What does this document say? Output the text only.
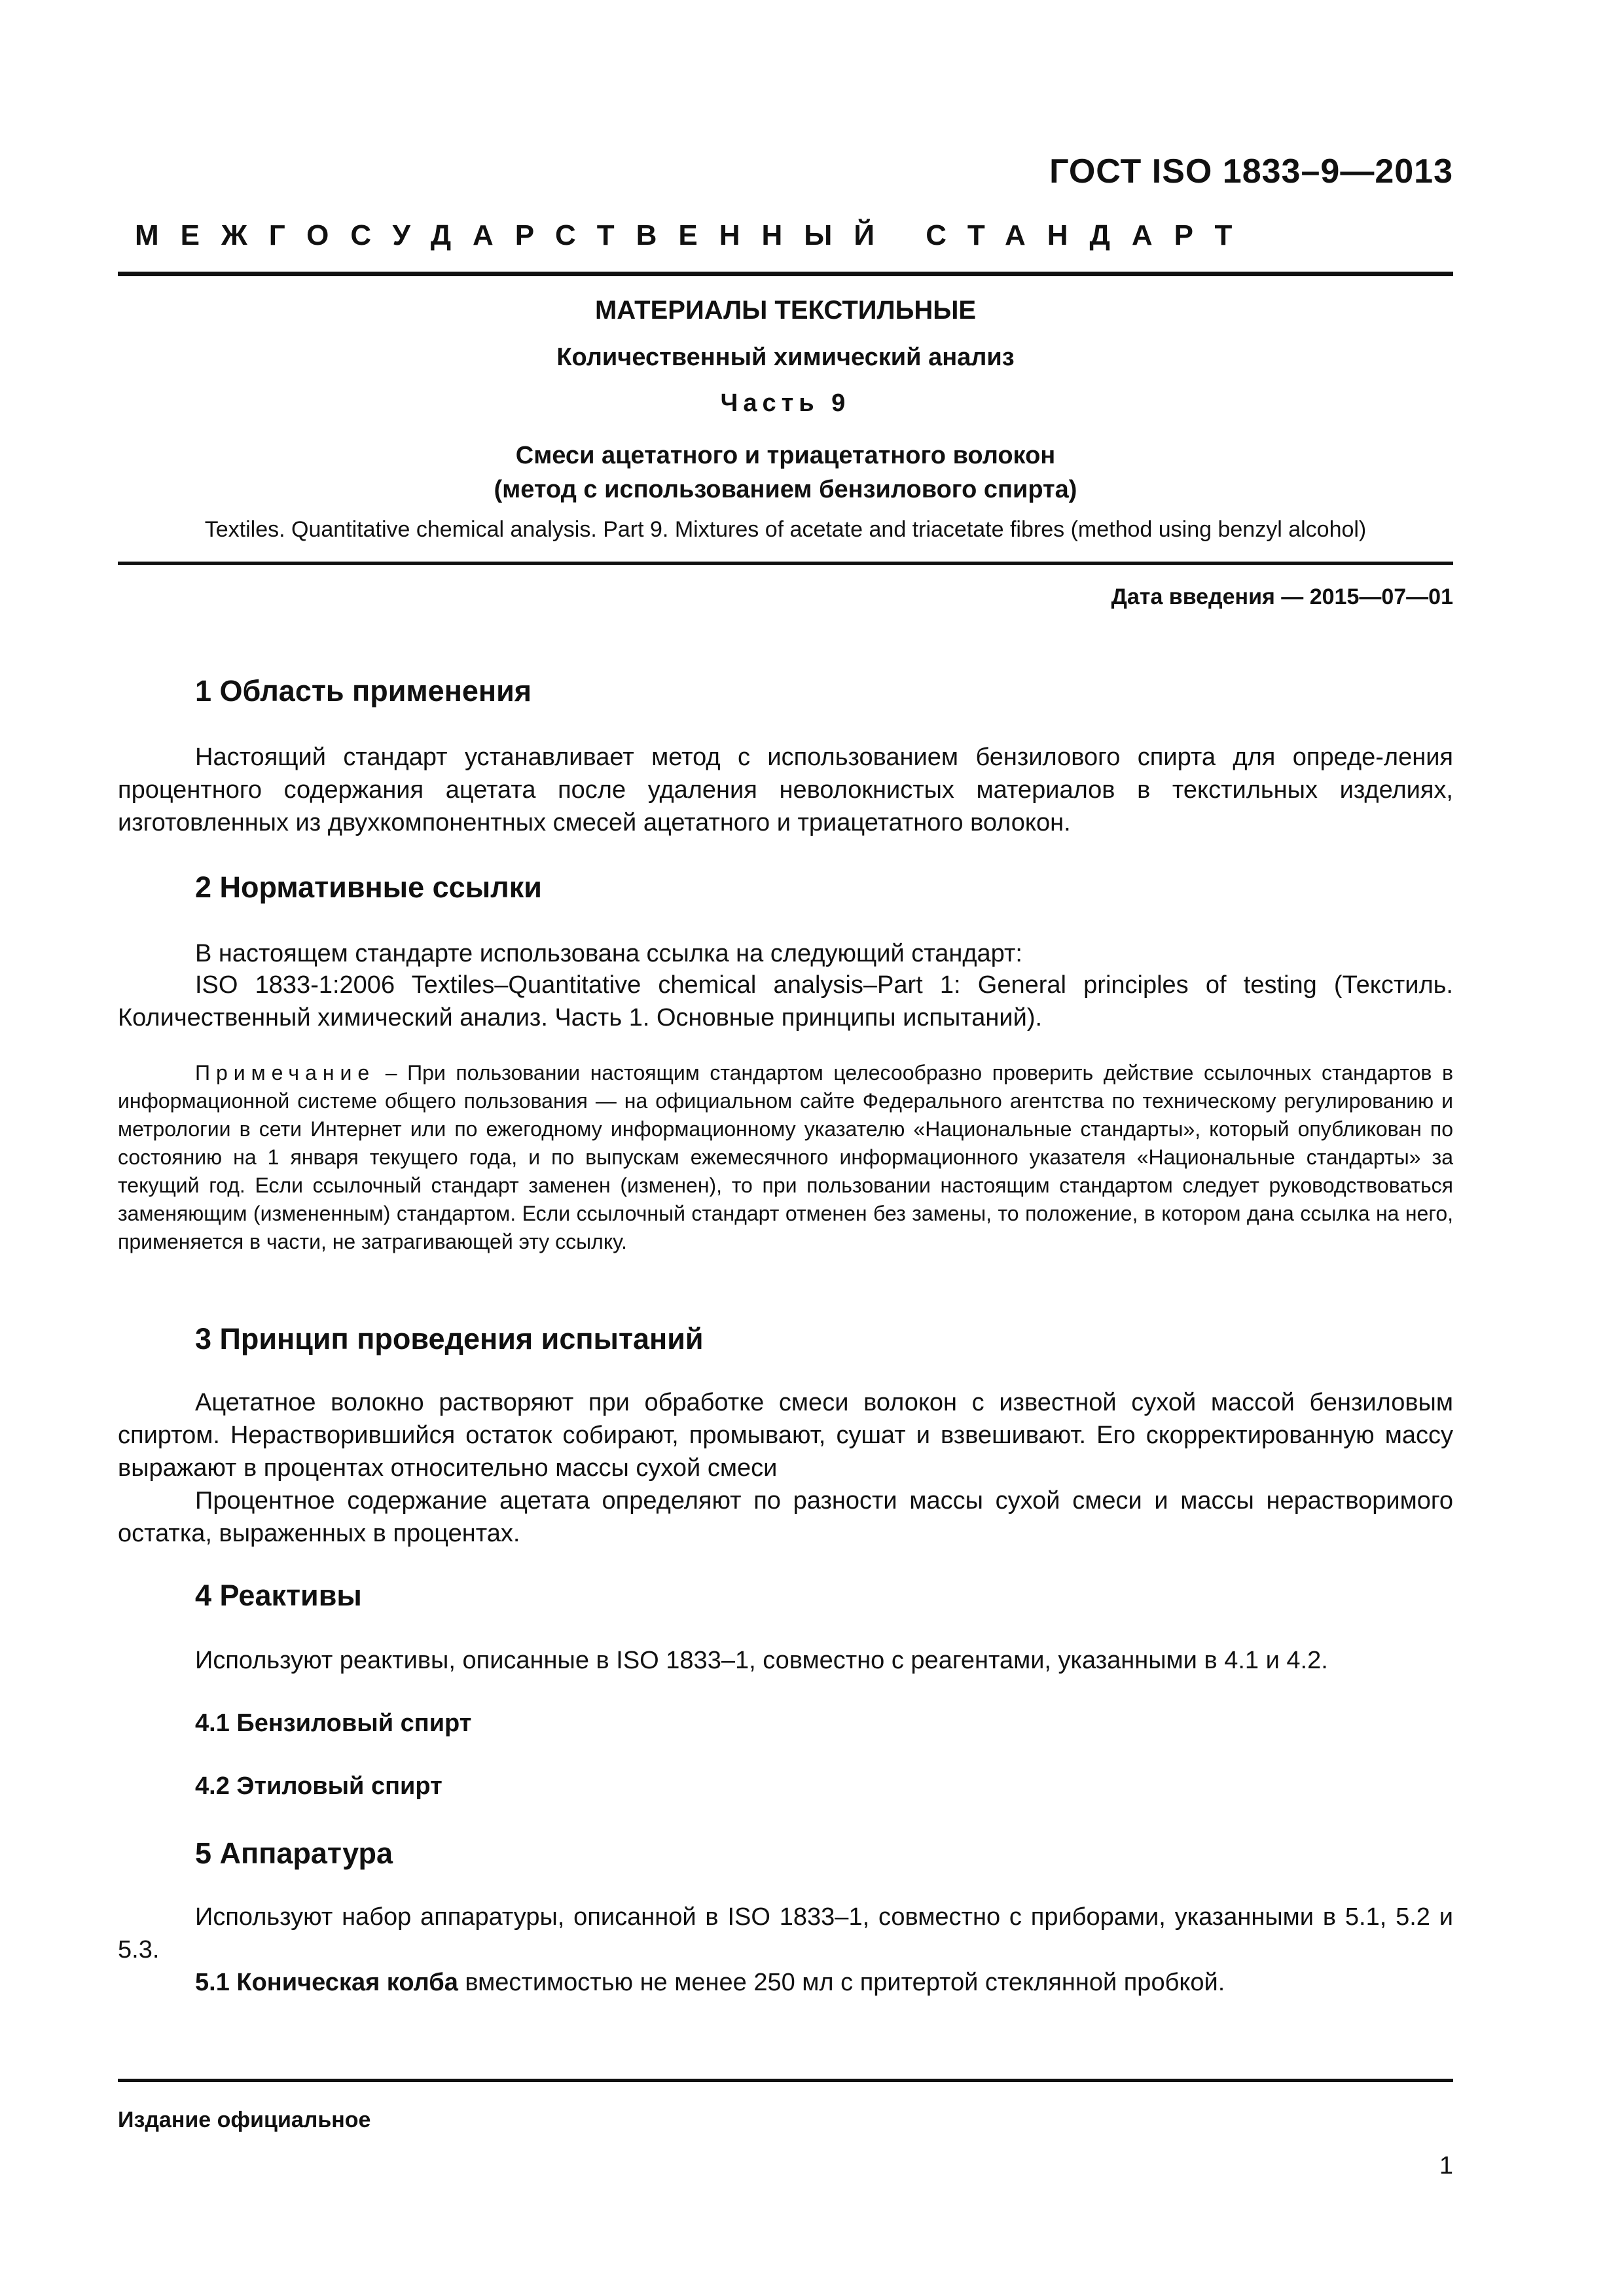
ГОСТ ISO 1833–9—2013
МЕЖГОСУДАРСТВЕННЫЙ СТАНДАРТ
МАТЕРИАЛЫ ТЕКСТИЛЬНЫЕ
Количественный химический анализ
Часть 9
Смеси ацетатного и триацетатного волокон
(метод с использованием бензилового спирта)
Textiles. Quantitative chemical analysis. Part 9. Mixtures of acetate and triacetate fibres (method using benzyl alcohol)
Дата введения — 2015—07—01
1 Область применения
Настоящий стандарт устанавливает метод с использованием бензилового спирта для опреде-ления процентного содержания ацетата после удаления неволокнистых материалов в текстильных изделиях, изготовленных из двухкомпонентных смесей ацетатного и триацетатного волокон.
2 Нормативные ссылки
В настоящем стандарте использована ссылка на следующий стандарт:
ISO 1833-1:2006 Textiles–Quantitative chemical analysis–Part 1: General principles of testing (Текстиль. Количественный химический анализ. Часть 1. Основные принципы испытаний).
Примечание – При пользовании настоящим стандартом целесообразно проверить действие ссылочных стандартов в информационной системе общего пользования — на официальном сайте Федерального агентства по техническому регулированию и метрологии в сети Интернет или по ежегодному информационному указателю «Национальные стандарты», который опубликован по состоянию на 1 января текущего года, и по выпускам ежемесячного информационного указателя «Национальные стандарты» за текущий год. Если ссылочный стандарт заменен (изменен), то при пользовании настоящим стандартом следует руководствоваться заменяющим (измененным) стандартом. Если ссылочный стандарт отменен без замены, то положение, в котором дана ссылка на него, применяется в части, не затрагивающей эту ссылку.
3 Принцип проведения испытаний
Ацетатное волокно растворяют при обработке смеси волокон с известной сухой массой бензиловым спиртом. Нерастворившийся остаток собирают, промывают, сушат и взвешивают. Его скорректированную массу выражают в процентах относительно массы сухой смеси
Процентное содержание ацетата определяют по разности массы сухой смеси и массы нерастворимого остатка, выраженных в процентах.
4 Реактивы
Используют реактивы, описанные в ISO 1833–1, совместно с реагентами, указанными в 4.1 и 4.2.
4.1 Бензиловый спирт
4.2 Этиловый спирт
5 Аппаратура
Используют набор аппаратуры, описанной в ISO 1833–1, совместно с приборами, указанными в 5.1, 5.2 и 5.3.
5.1 Коническая колба вместимостью не менее 250 мл с притертой стеклянной пробкой.
Издание официальное
1
